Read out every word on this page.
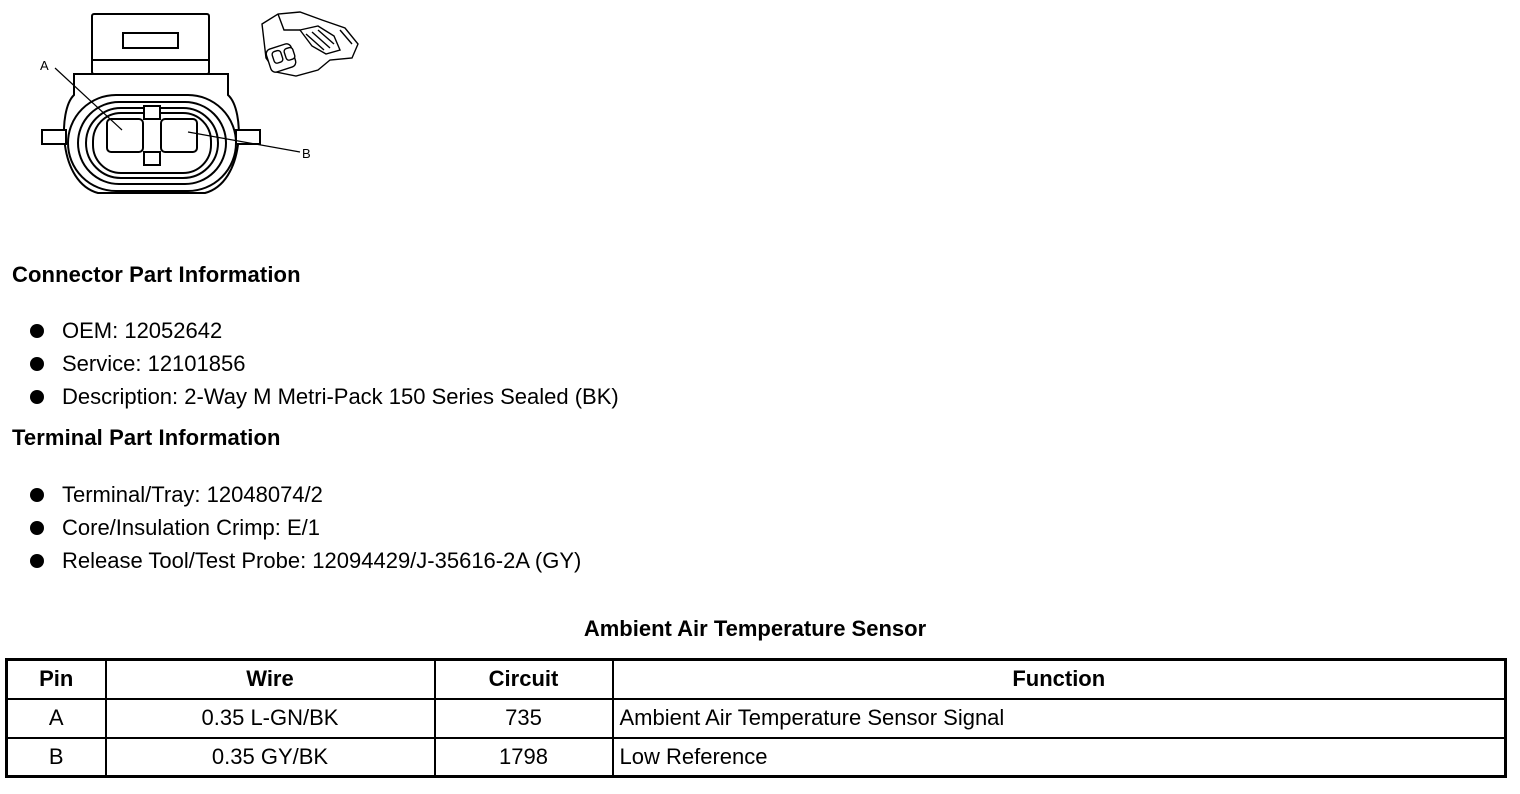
A
B
Connector Part Information
OEM: 12052642
Service: 12101856
Description: 2-Way M Metri-Pack 150 Series Sealed (BK)
Terminal Part Information
Terminal/Tray: 12048074/2
Core/Insulation Crimp: E/1
Release Tool/Test Probe: 12094429/J-35616-2A (GY)
Ambient Air Temperature Sensor
Pin	Wire	Circuit	Function
A	0.35 L-GN/BK	735	Ambient Air Temperature Sensor Signal
B	0.35 GY/BK	1798	Low Reference
